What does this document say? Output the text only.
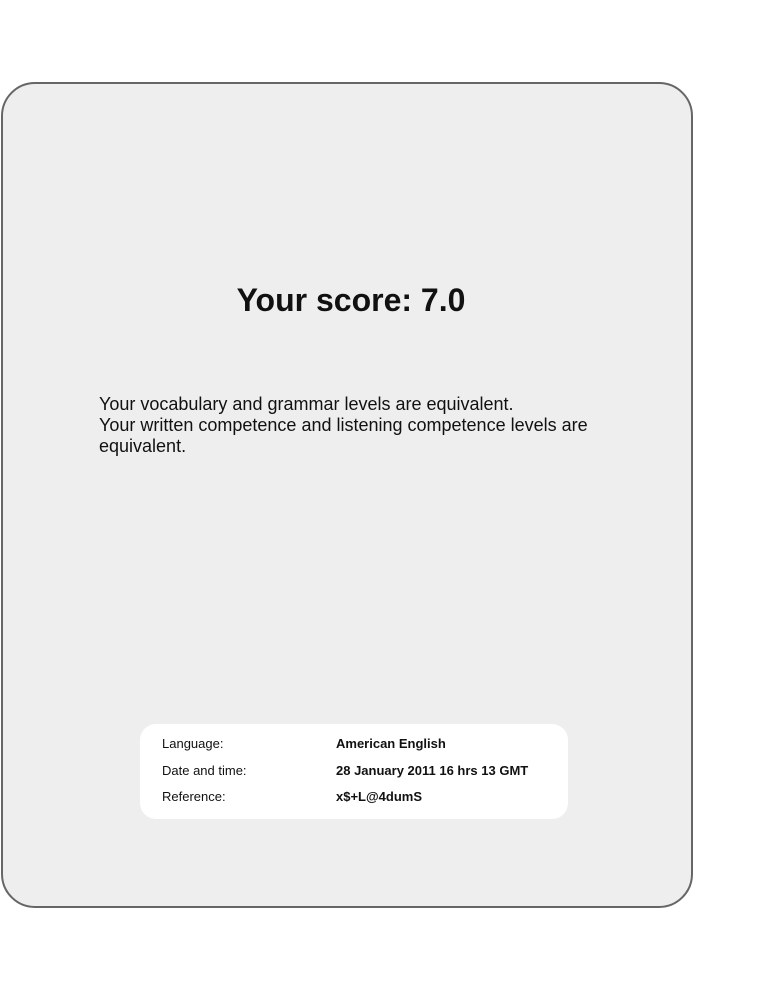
Your score: 7.0

Your vocabulary and grammar levels are equivalent.

Your written competence and listening competence levels are equivalent.

Language:	American English
Date and time:	28 January 2011 16 hrs 13 GMT
Reference:	x$+L@4dumS
